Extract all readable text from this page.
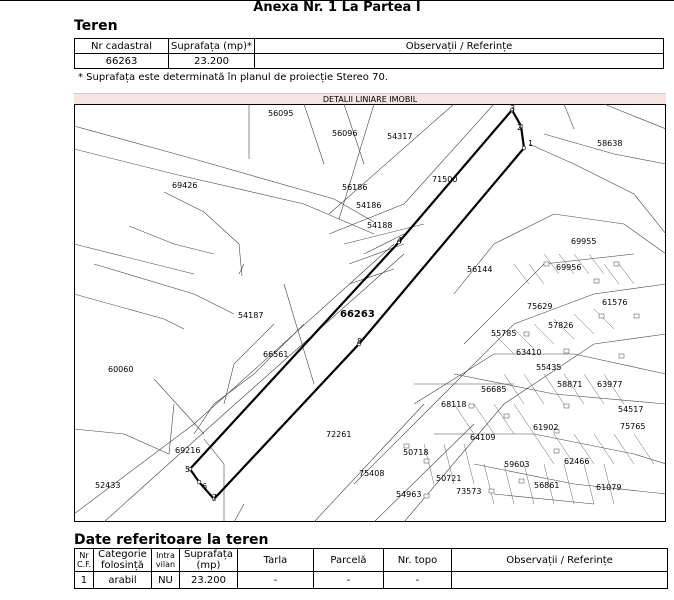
Anexa Nr. 1 La Partea I
Teren
Nr cadastral	Suprafața (mp)*	Observații / Referințe
66263	23.200	
* Suprafața este determinată în planul de proiecție Stereo 70.
DETALII LINIARE IMOBIL
1
2
3
4
5
6
7
8
66263
56095
56096	54317
58638
69426
71500
56186
54186
54188
69955
69956
61576
56144
75629
57826
54187
55785
63410
66561
55435
60060
58871 63977
56685
68118
54517
75765
64109
61902
72261
69216	50718
59603	62466
75408
50721
52433	56861	61079
54963	73573
Date referitoare la teren
Nr C.F.	Categorie folosință	Intra vilan	Suprafața (mp)	Tarla	Parcelă	Nr. topo	Observații / Referințe
1	arabil	NU	23.200	-	-	-	
